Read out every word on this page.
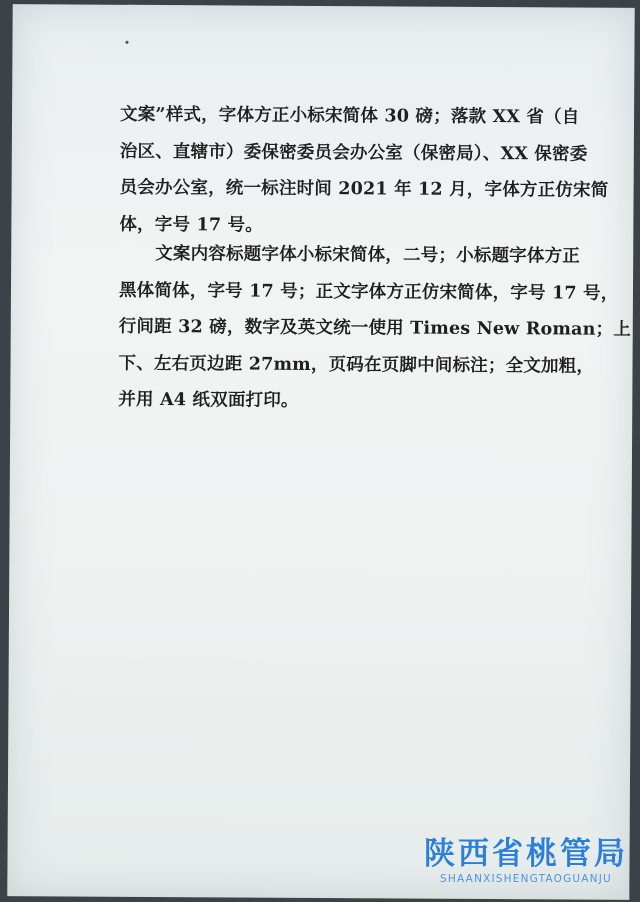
文案”样式，字体方正小标宋简体 30 磅；落款 XX 省（自
治区、直辖市）委保密委员会办公室（保密局）、XX 保密委
员会办公室，统一标注时间 2021 年 12 月，字体方正仿宋简
体，字号 17 号。

文案内容标题字体小标宋简体，二号；小标题字体方正
黑体简体，字号 17 号；正文字体方正仿宋简体，字号 17 号，
行间距 32 磅，数字及英文统一使用 Times New Roman；上
下、左右页边距 27mm，页码在页脚中间标注；全文加粗，
并用 A4 纸双面打印。

陕西省桃管局
SHAANXISHENGTAOGUANJU
